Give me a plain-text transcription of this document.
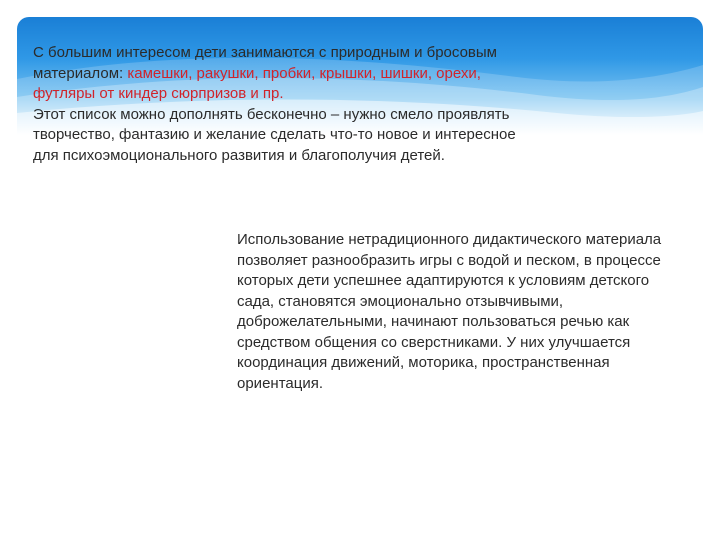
С большим интересом дети занимаются с природным и бросовым материалом: камешки, ракушки, пробки, крышки, шишки, орехи, футляры от киндер сюрпризов и пр.
Этот список можно дополнять бесконечно – нужно смело проявлять творчество, фантазию и желание сделать что-то новое и интересное для психоэмоционального развития и благополучия детей.
Использование нетрадиционного дидактического материала позволяет разнообразить игры с водой и песком, в процессе которых дети успешнее адаптируются к условиям детского сада, становятся эмоционально отзывчивыми, доброжелательными, начинают пользоваться речью как средством общения со сверстниками. У них улучшается координация движений, моторика, пространственная ориентация.
